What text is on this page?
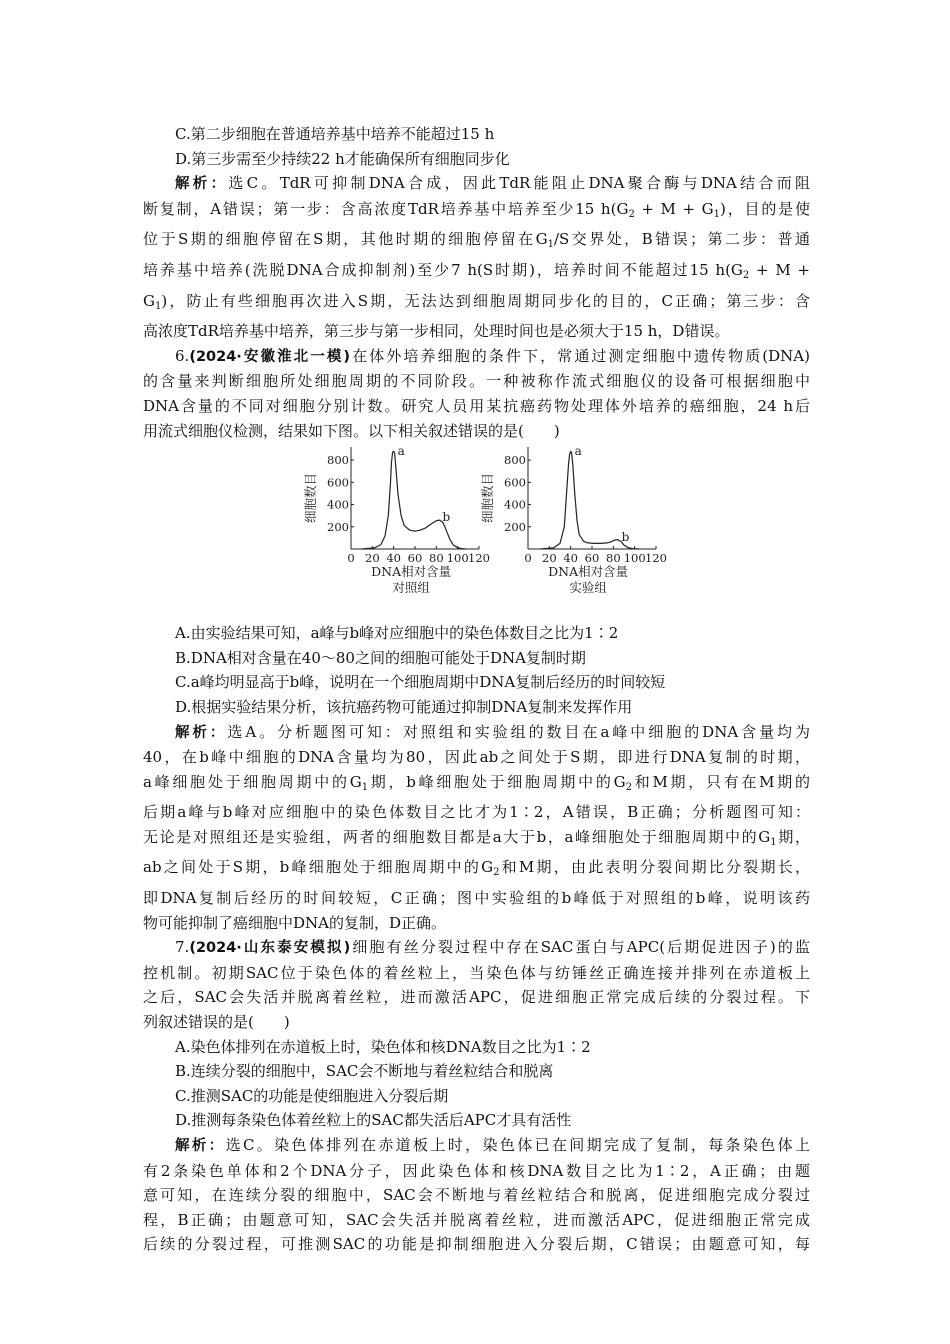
C.第二步细胞在普通培养基中培养不能超过15 h
D.第三步需至少持续22 h才能确保所有细胞同步化
解析：选C。TdR可抑制DNA合成，因此TdR能阻止DNA聚合酶与DNA结合而阻
断复制，A错误；第一步：含高浓度TdR培养基中培养至少15 $h(G_2 + M + G_1)$，目的是使
位于S期的细胞停留在S期，其他时期的细胞停留在$G_1/S$交界处，B错误；第二步：普通
培养基中培养(洗脱DNA合成抑制剂)至少7 h(S时期)，培养时间不能超过15 $h(G_2 + M$ +
$G_1$)，防止有些细胞再次进入S期，无法达到细胞周期同步化的目的，C正确；第三步：含
高浓度TdR培养基中培养，第三步与第一步相同，处理时间也是必须大于15 h，D错误。
6.(2024·安徽淮北一模)在体外培养细胞的条件下，常通过测定细胞中遗传物质(DNA)
的含量来判断细胞所处细胞周期的不同阶段。一种被称作流式细胞仪的设备可根据细胞中
DNA含量的不同对细胞分别计数。研究人员用某抗癌药物处理体外培养的癌细胞，24 h后
用流式细胞仪检测，结果如下图。以下相关叙述错误的是(　　)
0 20 40 60 80 100 120
200
400
600
800
a
b
DNA相对含量
对照组
细胞数目
0 20 40 60 80 100 120
200
400
600
800
a
b
DNA相对含量
实验组
细胞数目
A.由实验结果可知，a峰与b峰对应细胞中的染色体数目之比为1∶2
B.DNA相对含量在40～80之间的细胞可能处于DNA复制时期
C.a峰均明显高于b峰，说明在一个细胞周期中DNA复制后经历的时间较短
D.根据实验结果分析，该抗癌药物可能通过抑制DNA复制来发挥作用
解析：选A。分析题图可知：对照组和实验组的数目在a峰中细胞的DNA含量均为
40，在b峰中细胞的DNA含量均为80，因此ab之间处于S期，即进行DNA复制的时期，
a峰细胞处于细胞周期中的$G_1$期，b峰细胞处于细胞周期中的$G_2$和M期，只有在M期的
后期a峰与b峰对应细胞中的染色体数目之比才为1∶2，A错误，B正确；分析题图可知：
无论是对照组还是实验组，两者的细胞数目都是a大于b，a峰细胞处于细胞周期中的$G_1$期，
ab之间处于S期，b峰细胞处于细胞周期中的$G_2$和M期，由此表明分裂间期比分裂期长，
即DNA复制后经历的时间较短，C正确；图中实验组的b峰低于对照组的b峰，说明该药
物可能抑制了癌细胞中DNA的复制，D正确。
7.(2024·山东泰安模拟)细胞有丝分裂过程中存在SAC蛋白与APC(后期促进因子)的监
控机制。初期SAC位于染色体的着丝粒上，当染色体与纺锤丝正确连接并排列在赤道板上
之后，SAC会失活并脱离着丝粒，进而激活APC，促进细胞正常完成后续的分裂过程。下
列叙述错误的是(　　)
A.染色体排列在赤道板上时，染色体和核DNA数目之比为1∶2
B.连续分裂的细胞中，SAC会不断地与着丝粒结合和脱离
C.推测SAC的功能是使细胞进入分裂后期
D.推测每条染色体着丝粒上的SAC都失活后APC才具有活性
解析：选C。染色体排列在赤道板上时，染色体已在间期完成了复制，每条染色体上
有2条染色单体和2个DNA分子，因此染色体和核DNA数目之比为1∶2，A正确；由题
意可知，在连续分裂的细胞中，SAC会不断地与着丝粒结合和脱离，促进细胞完成分裂过
程，B正确；由题意可知，SAC会失活并脱离着丝粒，进而激活APC，促进细胞正常完成
后续的分裂过程，可推测SAC的功能是抑制细胞进入分裂后期，C错误；由题意可知，每
